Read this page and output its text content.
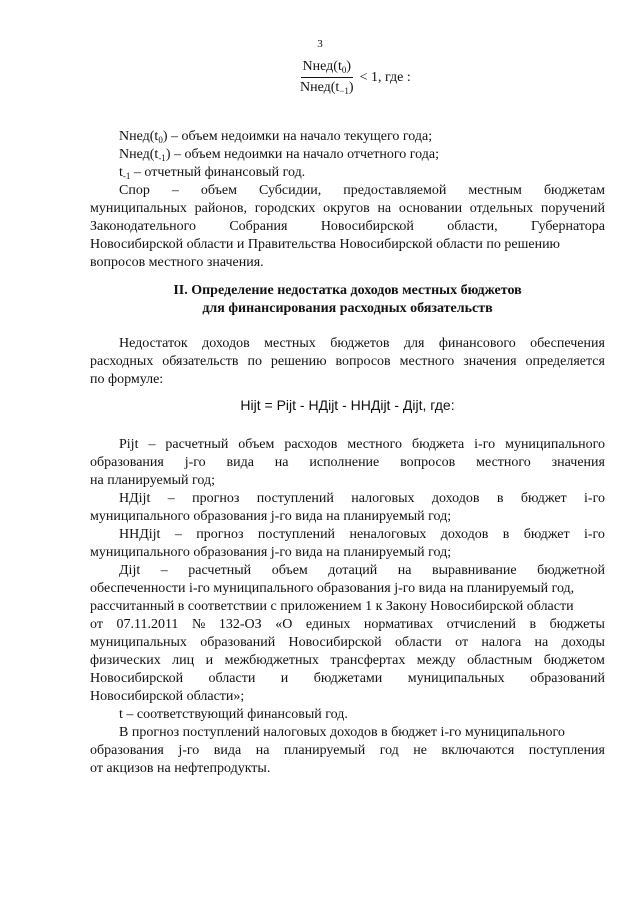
3
$\frac{Nнед(t_0)}{Nнед(t_{-1})} < 1$, где :
$Nнед(t_0)$ – объем недоимки на начало текущего года;
$Nнед(t_{-1})$ – объем недоимки на начало отчетного года;
$t_{-1}$ – отчетный финансовый год.
Спор – объем Субсидии, предоставляемой местным бюджетам
муниципальных районов, городских округов на основании отдельных поручений
Законодательного Собрания Новосибирской области, Губернатора
Новосибирской области и Правительства Новосибирской области по решению
вопросов местного значения.
II. Определение недостатка доходов местных бюджетов
для финансирования расходных обязательств
Недостаток доходов местных бюджетов для финансового обеспечения
расходных обязательств по решению вопросов местного значения определяется
по формуле:
Нijt = Рijt - НДijt - ННДijt - Дijt, где:
Рijt – расчетный объем расходов местного бюджета i-го муниципального
образования j-го вида на исполнение вопросов местного значения
на планируемый год;
НДijt – прогноз поступлений налоговых доходов в бюджет i-го
муниципального образования j-го вида на планируемый год;
ННДijt – прогноз поступлений неналоговых доходов в бюджет i-го
муниципального образования j-го вида на планируемый год;
Дijt – расчетный объем дотаций на выравнивание бюджетной
обеспеченности i-го муниципального образования j-го вида на планируемый год,
рассчитанный в соответствии с приложением 1 к Закону Новосибирской области
от 07.11.2011 № 132-ОЗ «О единых нормативах отчислений в бюджеты
муниципальных образований Новосибирской области от налога на доходы
физических лиц и межбюджетных трансфертах между областным бюджетом
Новосибирской области и бюджетами муниципальных образований
Новосибирской области»;
t – соответствующий финансовый год.
В прогноз поступлений налоговых доходов в бюджет i-го муниципального
образования j-го вида на планируемый год не включаются поступления
от акцизов на нефтепродукты.
